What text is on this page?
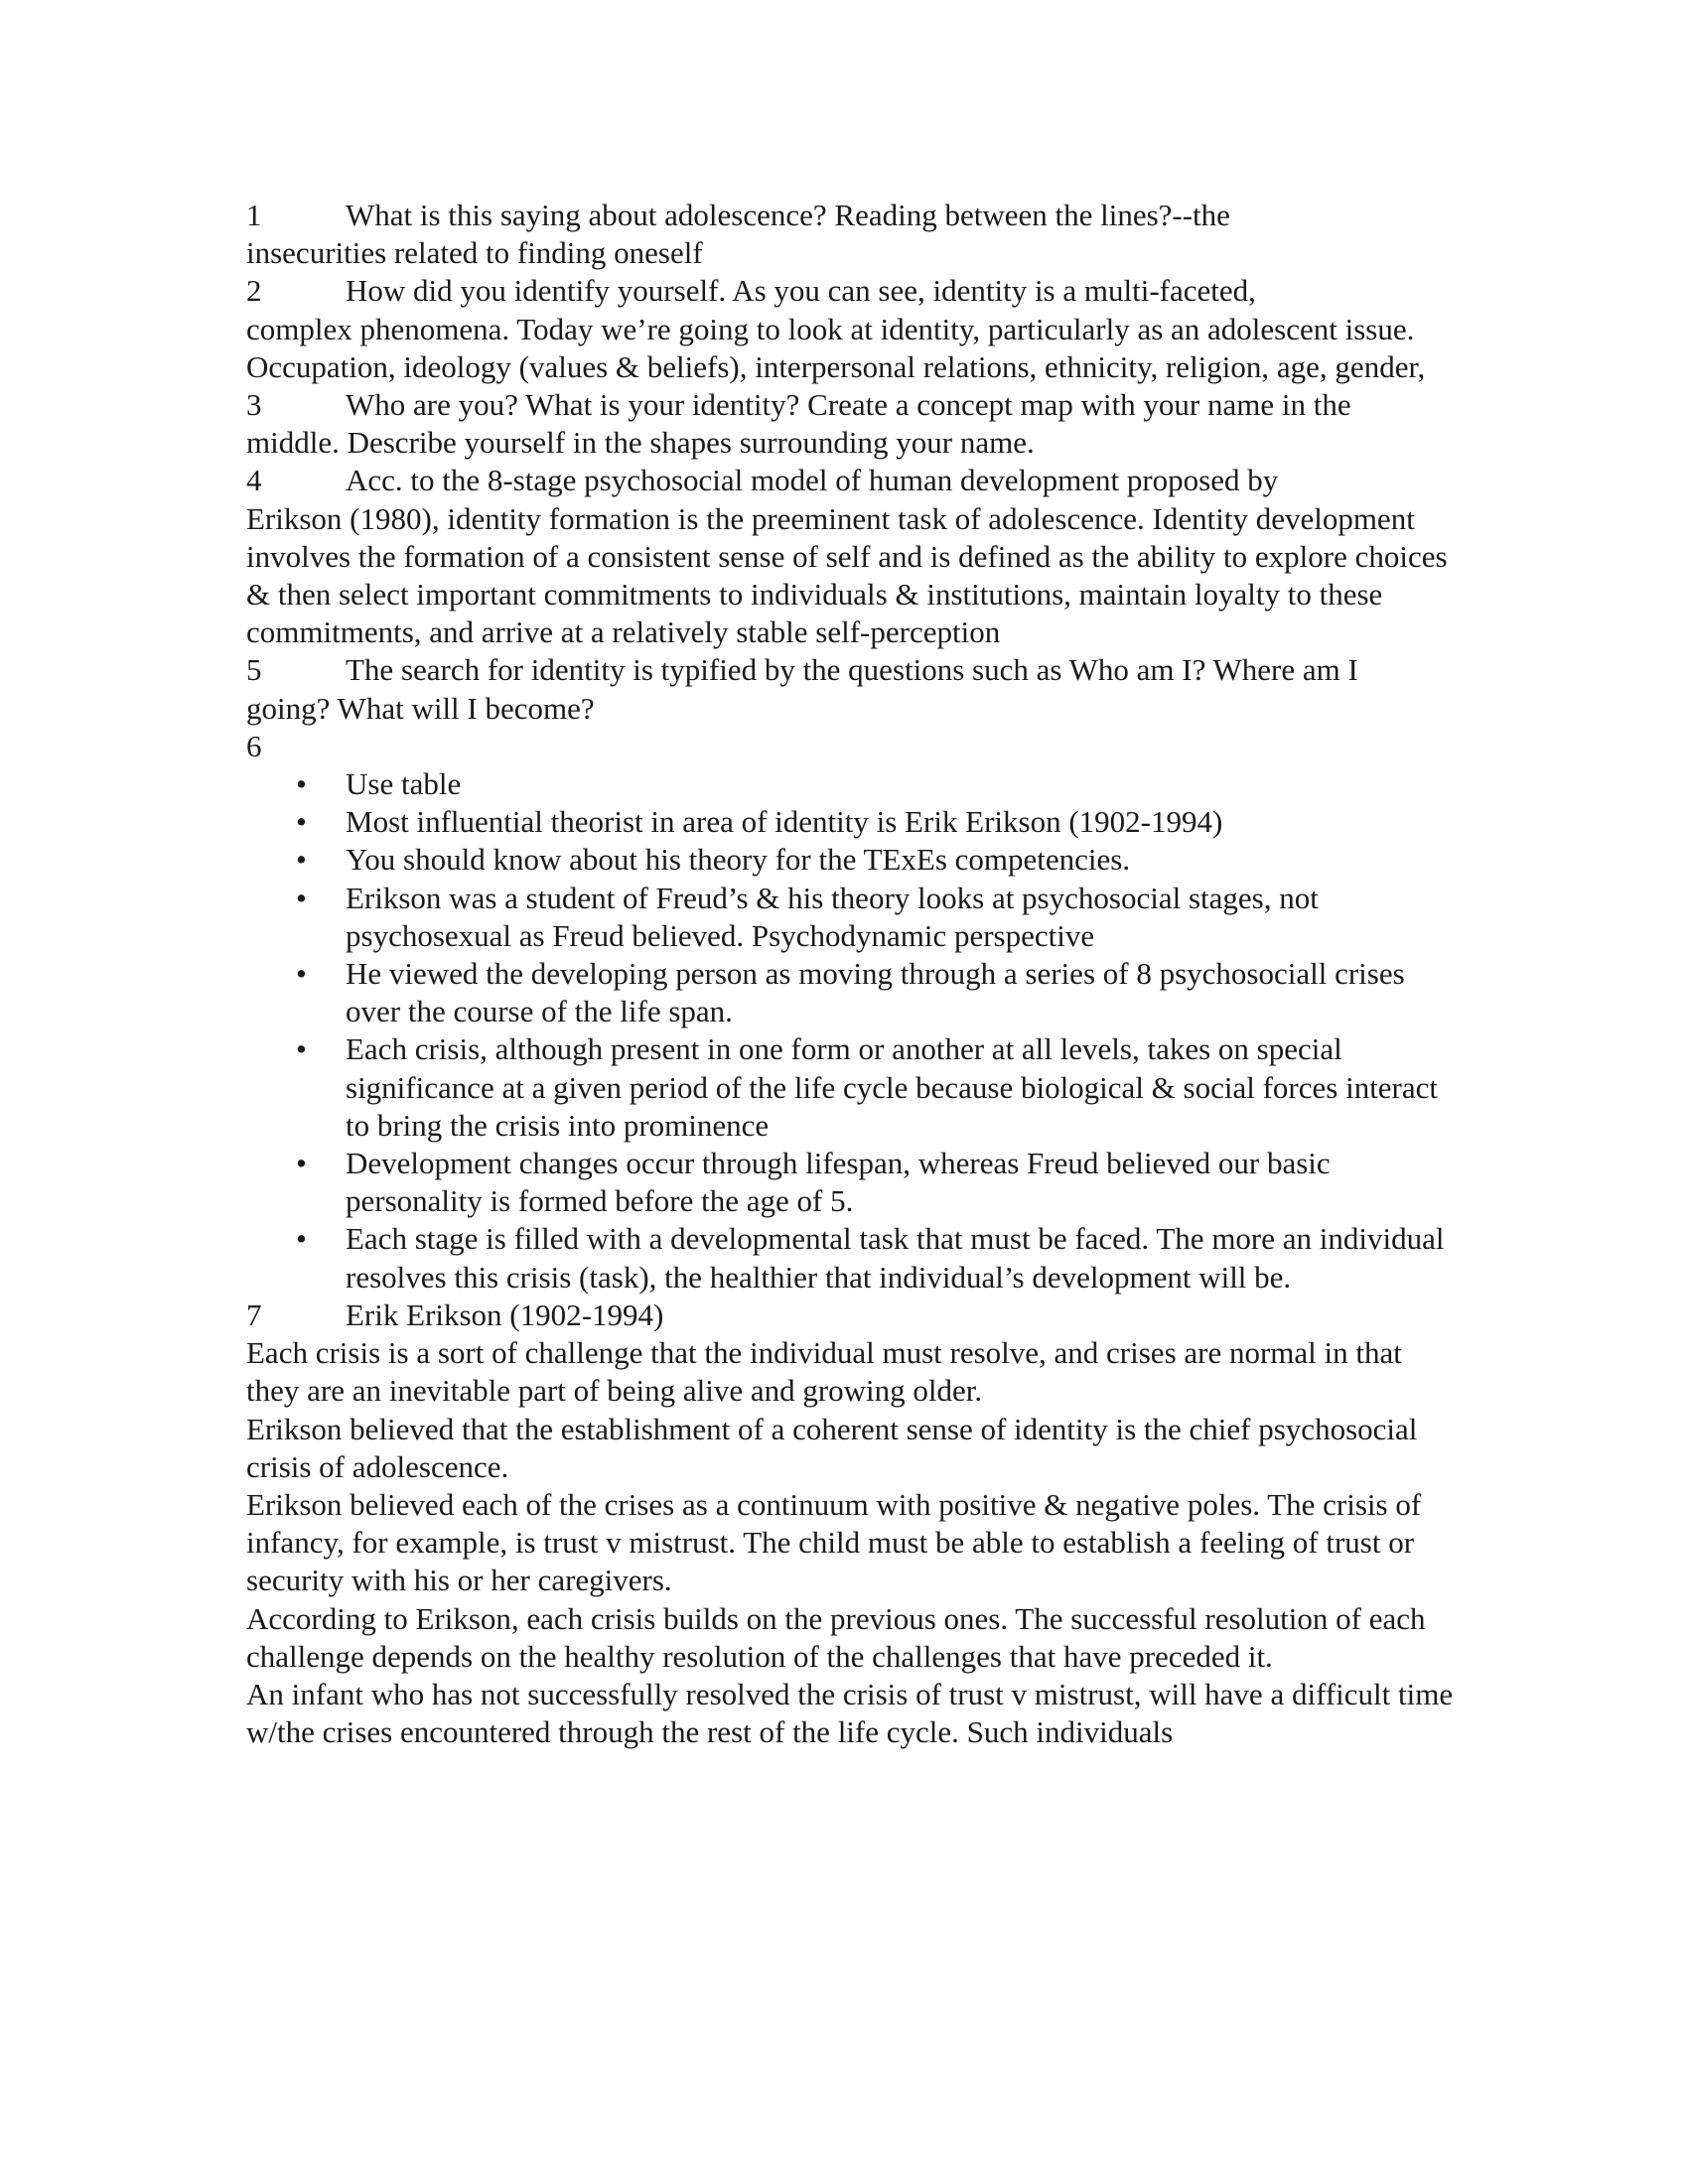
1	What is this saying about adolescence? Reading between the lines?--the
insecurities related to finding oneself

2	How did you identify yourself. As you can see, identity is a multi-faceted,
complex phenomena. Today we’re going to look at identity, particularly as an adolescent issue. Occupation, ideology (values & beliefs), interpersonal relations, ethnicity, religion, age, gender,

3	Who are you? What is your identity? Create a concept map with your name in the
middle. Describe yourself in the shapes surrounding your name.

4	Acc. to the 8-stage psychosocial model of human development proposed by
Erikson (1980), identity formation is the preeminent task of adolescence. Identity development involves the formation of a consistent sense of self and is defined as the ability to explore choices & then select important commitments to individuals & institutions, maintain loyalty to these commitments, and arrive at a relatively stable self-perception

5	The search for identity is typified by the questions such as Who am I? Where am I
going? What will I become?

6

• Use table
• Most influential theorist in area of identity is Erik Erikson (1902-1994)
• You should know about his theory for the TExEs competencies.
• Erikson was a student of Freud’s & his theory looks at psychosocial stages, not psychosexual as Freud believed. Psychodynamic perspective
• He viewed the developing person as moving through a series of 8 psychosociall crises over the course of the life span.
• Each crisis, although present in one form or another at all levels, takes on special significance at a given period of the life cycle because biological & social forces interact to bring the crisis into prominence
• Development changes occur through lifespan, whereas Freud believed our basic personality is formed before the age of 5.
• Each stage is filled with a developmental task that must be faced. The more an individual resolves this crisis (task), the healthier that individual’s development will be.

7	Erik Erikson (1902-1994)

Each crisis is a sort of challenge that the individual must resolve, and crises are normal in that they are an inevitable part of being alive and growing older.

Erikson believed that the establishment of a coherent sense of identity is the chief psychosocial crisis of adolescence.

Erikson believed each of the crises as a continuum with positive & negative poles. The crisis of infancy, for example, is trust v mistrust. The child must be able to establish a feeling of trust or security with his or her caregivers.

According to Erikson, each crisis builds on the previous ones. The successful resolution of each challenge depends on the healthy resolution of the challenges that have preceded it.

An infant who has not successfully resolved the crisis of trust v mistrust, will have a difficult time w/the crises encountered through the rest of the life cycle. Such individuals
